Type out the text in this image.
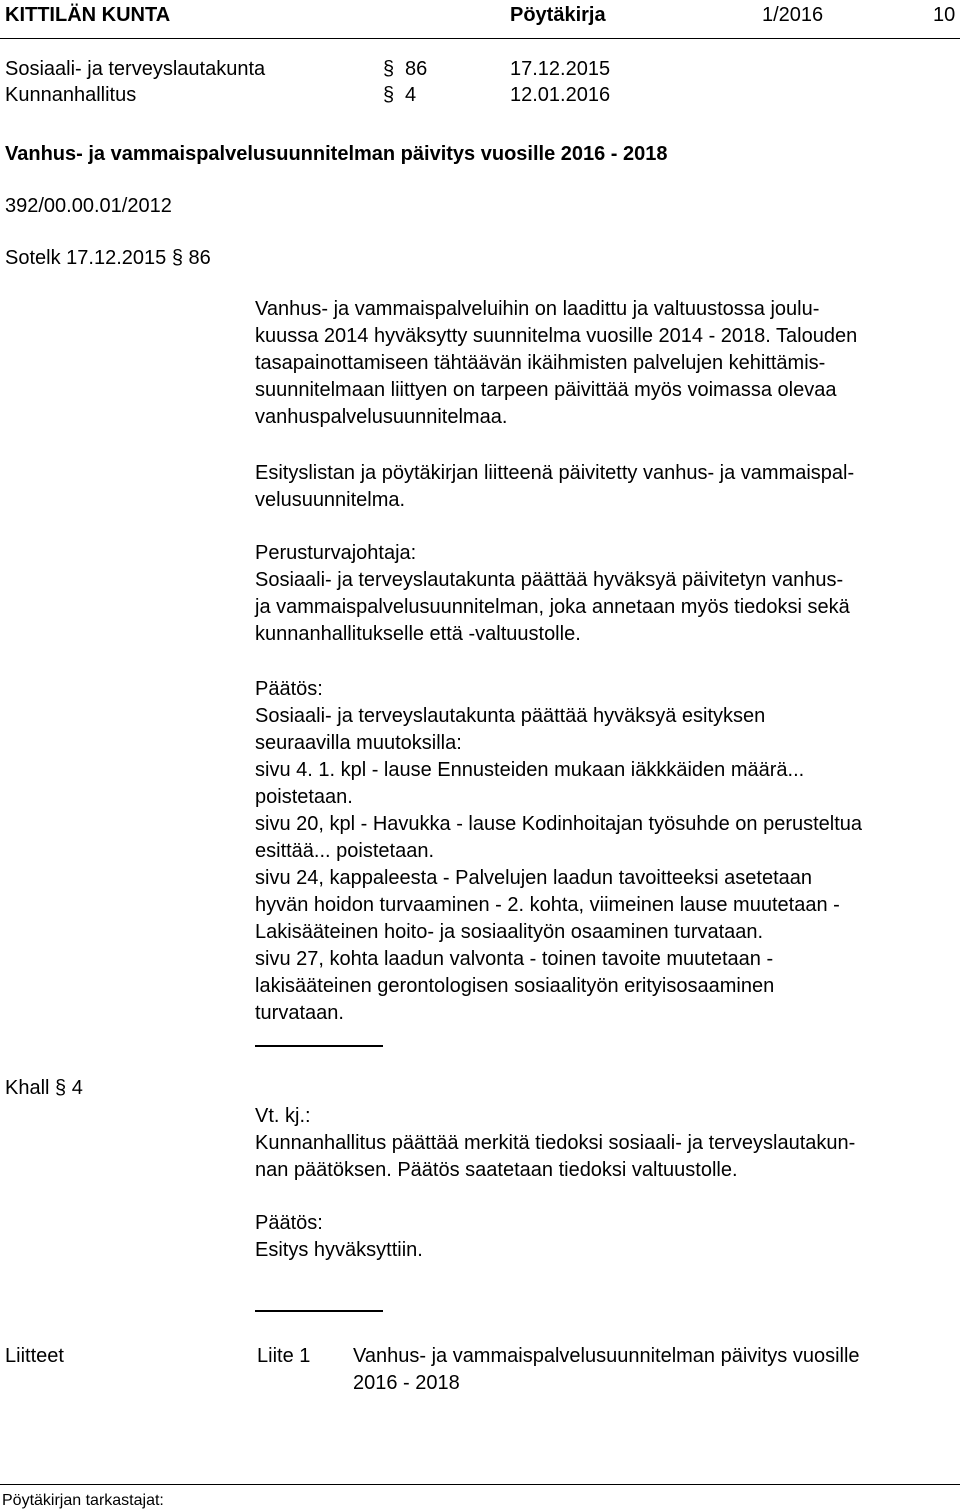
KITTILÄN KUNTA	Pöytäkirja	1/2016	10
Sosiaali- ja terveyslautakunta	§ 86	17.12.2015
Kunnanhallitus	§ 4	12.01.2016
Vanhus- ja vammaispalvelusuunnitelman päivitys vuosille 2016 - 2018
392/00.00.01/2012
Sotelk 17.12.2015 § 86
Vanhus- ja vammaispalveluihin on laadittu ja valtuustossa joulu-
kuussa 2014 hyväksytty suunnitelma vuosille 2014 - 2018. Talouden
tasapainottamiseen tähtäävän ikäihmisten palvelujen kehittämis-
suunnitelmaan liittyen on tarpeen päivittää myös voimassa olevaa
vanhuspalvelusuunnitelmaa.
Esityslistan ja pöytäkirjan liitteenä päivitetty vanhus- ja vammaispal-
velusuunnitelma.
Perusturvajohtaja:
Sosiaali- ja terveyslautakunta päättää hyväksyä päivitetyn vanhus-
ja vammaispalvelusuunnitelman, joka annetaan myös tiedoksi sekä
kunnanhallitukselle että -valtuustolle.
Päätös:
Sosiaali- ja terveyslautakunta päättää hyväksyä esityksen
seuraavilla muutoksilla:
sivu 4. 1. kpl - lause Ennusteiden mukaan iäkkkäiden määrä...
poistetaan.
sivu 20, kpl - Havukka - lause Kodinhoitajan työsuhde on perusteltua
esittää... poistetaan.
sivu 24, kappaleesta - Palvelujen laadun tavoitteeksi asetetaan
hyvän hoidon turvaaminen - 2. kohta, viimeinen lause muutetaan -
Lakisääteinen hoito- ja sosiaalityön osaaminen turvataan.
sivu 27, kohta laadun valvonta - toinen tavoite muutetaan -
lakisääteinen gerontologisen sosiaalityön erityisosaaminen
turvataan.
Khall § 4
Vt. kj.:
Kunnanhallitus päättää merkitä tiedoksi sosiaali- ja terveyslautakun-
nan päätöksen. Päätös saatetaan tiedoksi valtuustolle.
Päätös:
Esitys hyväksyttiin.
Liitteet	Liite 1 Vanhus- ja vammaispalvelusuunnitelman päivitys vuosille
2016 - 2018
Pöytäkirjan tarkastajat:
